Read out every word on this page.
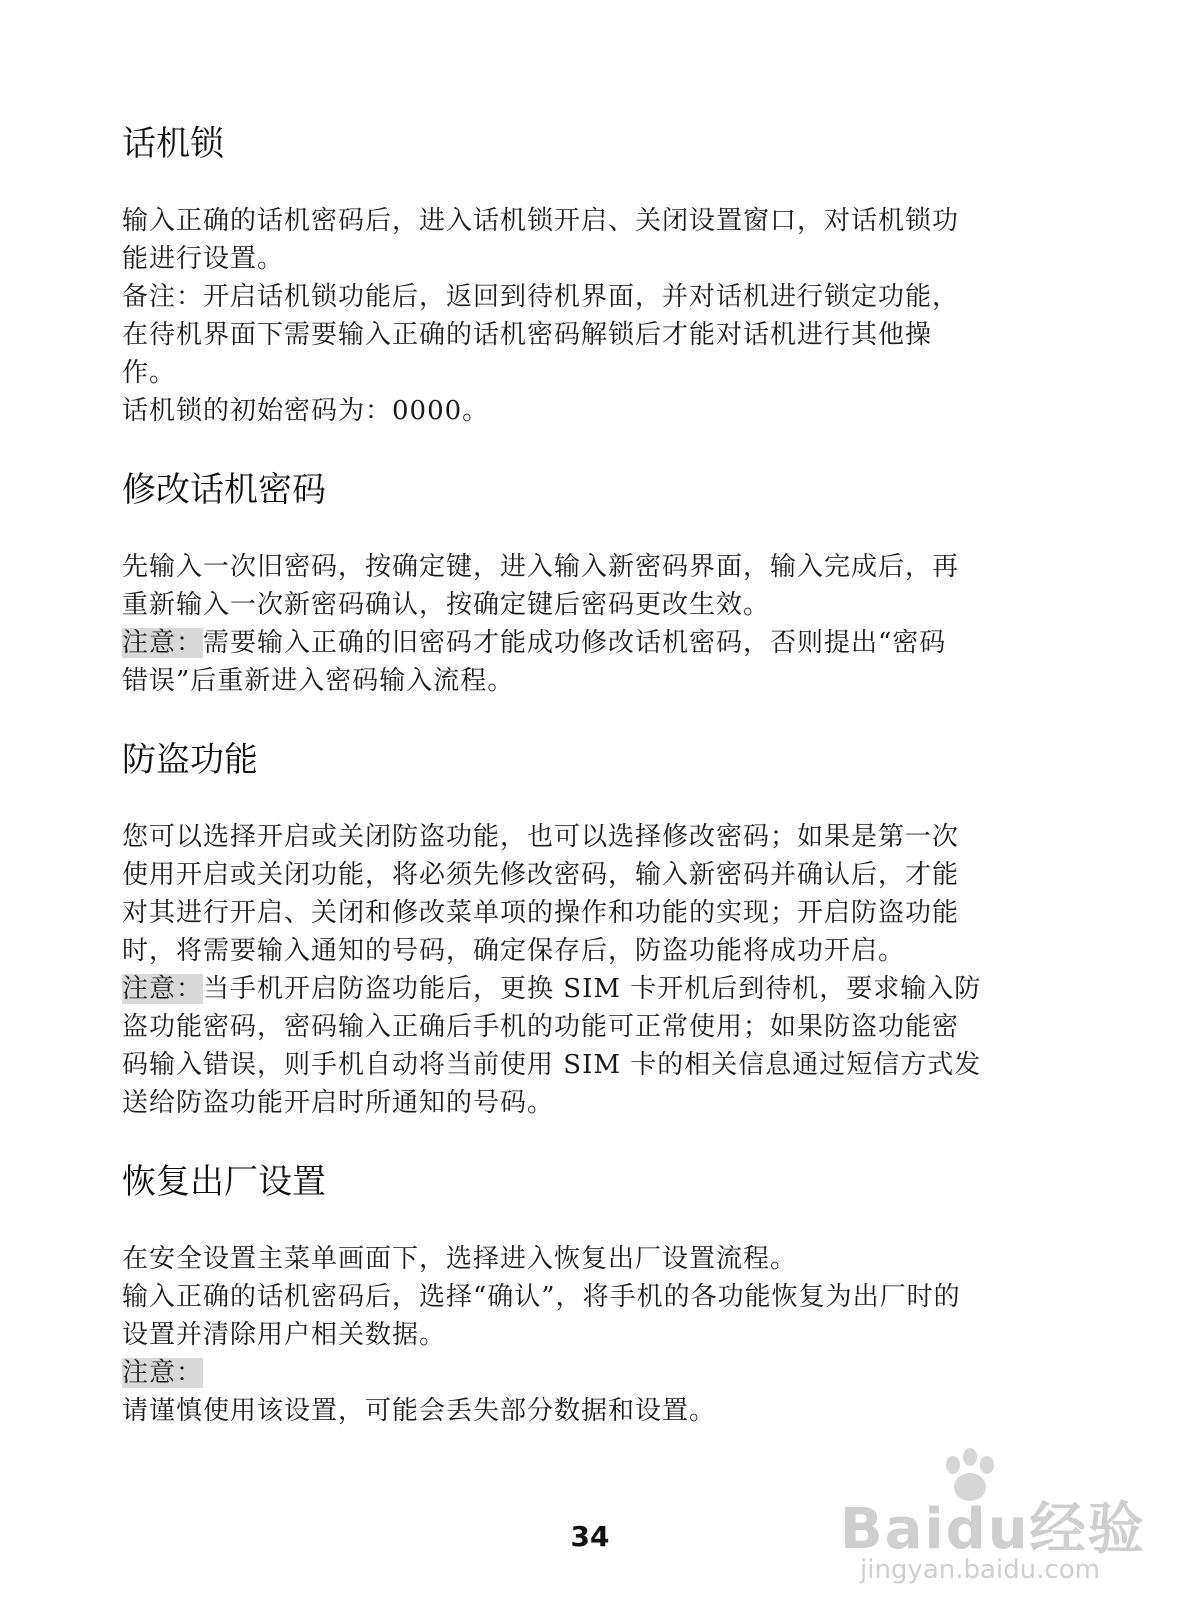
话机锁

输入正确的话机密码后，进入话机锁开启、关闭设置窗口，对话机锁功

能进行设置。

备注：开启话机锁功能后，返回到待机界面，并对话机进行锁定功能，

在待机界面下需要输入正确的话机密码解锁后才能对话机进行其他操

作。

话机锁的初始密码为：0000。

修改话机密码

先输入一次旧密码，按确定键，进入输入新密码界面，输入完成后，再

重新输入一次新密码确认，按确定键后密码更改生效。

注意：需要输入正确的旧密码才能成功修改话机密码，否则提出“密码

错误”后重新进入密码输入流程。

防盗功能

您可以选择开启或关闭防盗功能，也可以选择修改密码；如果是第一次

使用开启或关闭功能，将必须先修改密码，输入新密码并确认后，才能

对其进行开启、关闭和修改菜单项的操作和功能的实现；开启防盗功能

时，将需要输入通知的号码，确定保存后，防盗功能将成功开启。

注意：当手机开启防盗功能后，更换 SIM 卡开机后到待机，要求输入防

盗功能密码，密码输入正确后手机的功能可正常使用；如果防盗功能密

码输入错误，则手机自动将当前使用 SIM 卡的相关信息通过短信方式发

送给防盗功能开启时所通知的号码。

恢复出厂设置

在安全设置主菜单画面下，选择进入恢复出厂设置流程。

输入正确的话机密码后，选择“确认”，将手机的各功能恢复为出厂时的

设置并清除用户相关数据。

注意：

请谨慎使用该设置，可能会丢失部分数据和设置。

34	Baidu经验
jingyan.baidu.com
